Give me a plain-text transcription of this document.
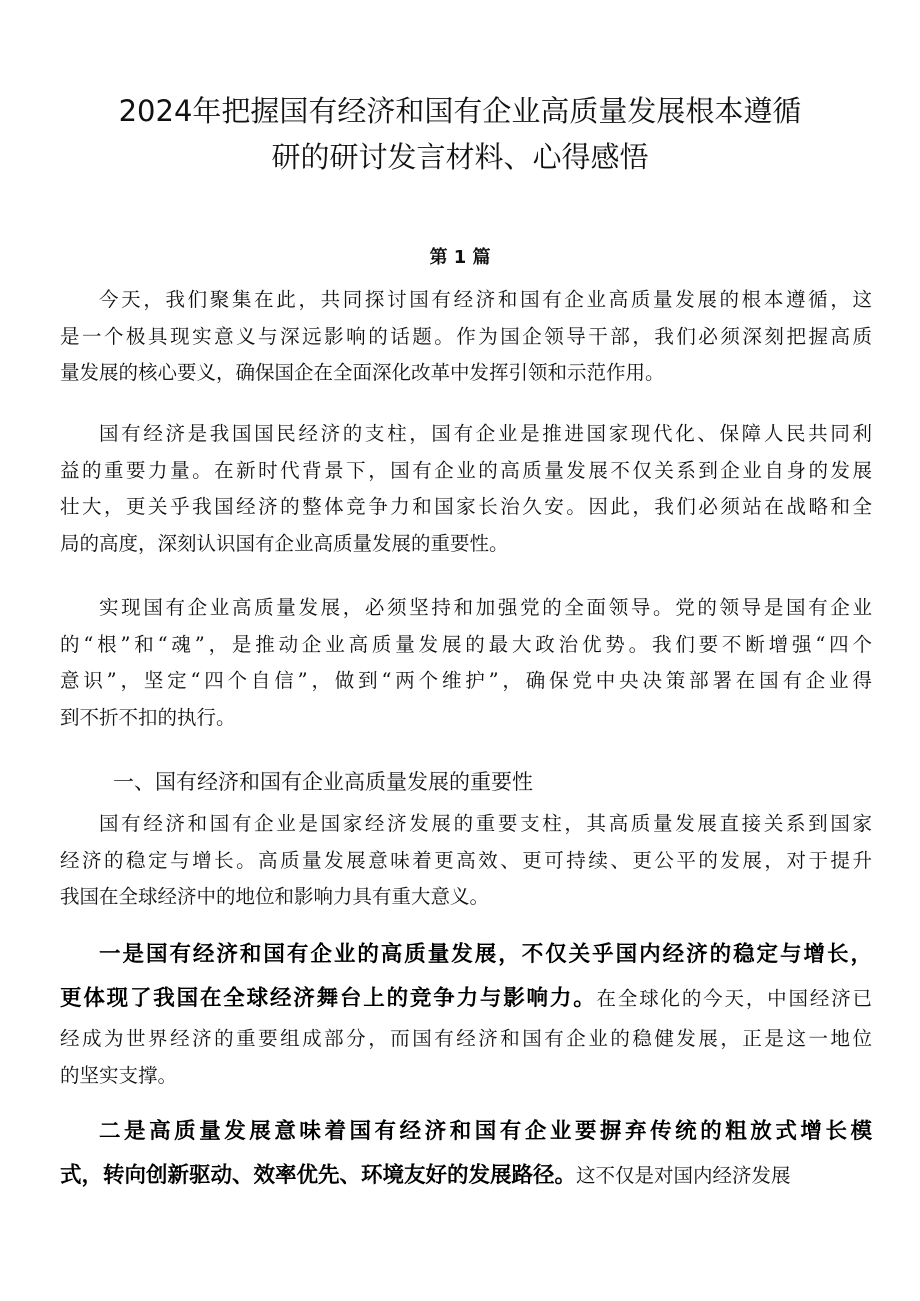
2024年把握国有经济和国有企业高质量发展根本遵循
研的研讨发言材料、心得感悟
第 1 篇
今天，我们聚集在此，共同探讨国有经济和国有企业高质量发展的根本遵循，这
是一个极具现实意义与深远影响的话题。作为国企领导干部，我们必须深刻把握高质
量发展的核心要义，确保国企在全面深化改革中发挥引领和示范作用。
国有经济是我国国民经济的支柱，国有企业是推进国家现代化、保障人民共同利
益的重要力量。在新时代背景下，国有企业的高质量发展不仅关系到企业自身的发展
壮大，更关乎我国经济的整体竞争力和国家长治久安。因此，我们必须站在战略和全
局的高度，深刻认识国有企业高质量发展的重要性。
实现国有企业高质量发展，必须坚持和加强党的全面领导。党的领导是国有企业
的“根”和“魂”，是推动企业高质量发展的最大政治优势。我们要不断增强“四个
意识”，坚定“四个自信”，做到“两个维护”，确保党中央决策部署在国有企业得
到不折不扣的执行。
一、国有经济和国有企业高质量发展的重要性
国有经济和国有企业是国家经济发展的重要支柱，其高质量发展直接关系到国家
经济的稳定与增长。高质量发展意味着更高效、更可持续、更公平的发展，对于提升
我国在全球经济中的地位和影响力具有重大意义。
一是国有经济和国有企业的高质量发展，不仅关乎国内经济的稳定与增长，
更体现了我国在全球经济舞台上的竞争力与影响力。在全球化的今天，中国经济已
经成为世界经济的重要组成部分，而国有经济和国有企业的稳健发展，正是这一地位
的坚实支撑。
二是高质量发展意味着国有经济和国有企业要摒弃传统的粗放式增长模
式，转向创新驱动、效率优先、环境友好的发展路径。这不仅是对国内经济发展
